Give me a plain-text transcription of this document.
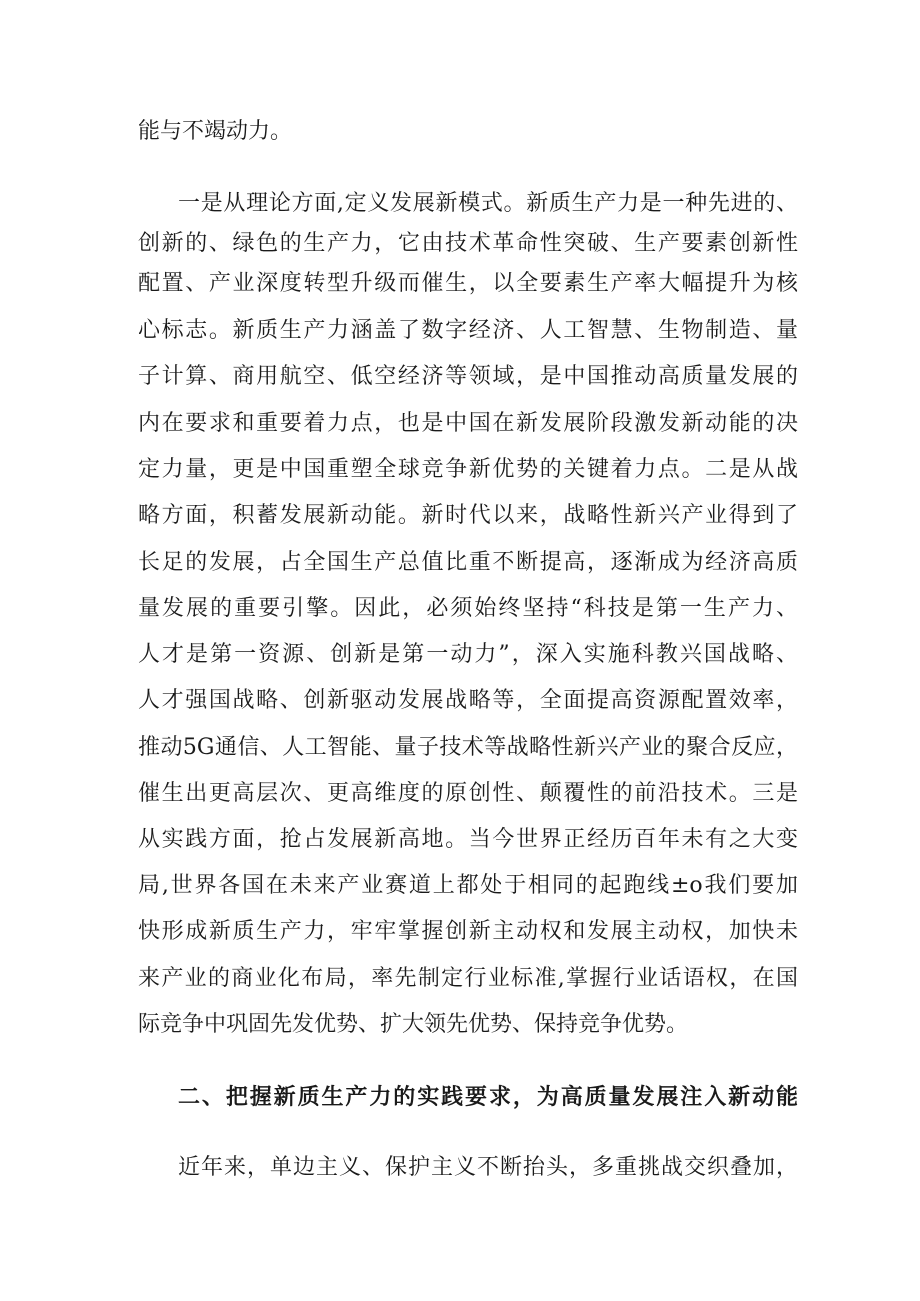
能与不竭动力。
一是从理论方面,定义发展新模式。新质生产力是一种先进的、
创新的、绿色的生产力，它由技术革命性突破、生产要素创新性
配置、产业深度转型升级而催生，以全要素生产率大幅提升为核
心标志。新质生产力涵盖了数字经济、人工智慧、生物制造、量
子计算、商用航空、低空经济等领域，是中国推动高质量发展的
内在要求和重要着力点，也是中国在新发展阶段激发新动能的决
定力量，更是中国重塑全球竞争新优势的关键着力点。二是从战
略方面，积蓄发展新动能。新时代以来，战略性新兴产业得到了
长足的发展，占全国生产总值比重不断提高，逐渐成为经济高质
量发展的重要引擎。因此，必须始终坚持“科技是第一生产力、
人才是第一资源、创新是第一动力”，深入实施科教兴国战略、
人才强国战略、创新驱动发展战略等，全面提高资源配置效率，
推动5G通信、人工智能、量子技术等战略性新兴产业的聚合反应，
催生出更高层次、更高维度的原创性、颠覆性的前沿技术。三是
从实践方面，抢占发展新高地。当今世界正经历百年未有之大变
局,世界各国在未来产业赛道上都处于相同的起跑线±o我们要加
快形成新质生产力，牢牢掌握创新主动权和发展主动权，加快未
来产业的商业化布局，率先制定行业标准,掌握行业话语权，在国
际竞争中巩固先发优势、扩大领先优势、保持竞争优势。
二、把握新质生产力的实践要求，为高质量发展注入新动能
近年来，单边主义、保护主义不断抬头，多重挑战交织叠加，
